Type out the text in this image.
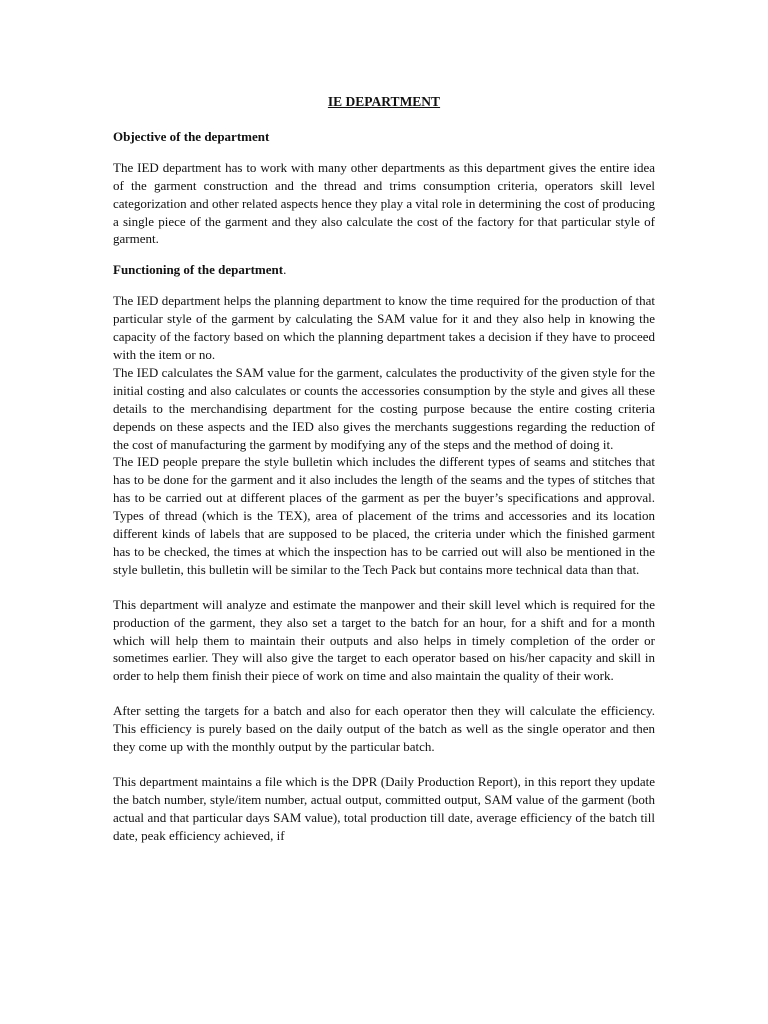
IE DEPARTMENT
Objective of the department

The IED department has to work with many other departments as this department gives the entire idea of the garment construction and the thread and trims consumption criteria, operators skill level categorization and other related aspects hence they play a vital role in determining the cost of producing a single piece of the garment and they also calculate the cost of the factory for that particular style of garment.

Functioning of the department.

The IED department helps the planning department to know the time required for the production of that particular style of the garment by calculating the SAM value for it and they also help in knowing the capacity of the factory based on which the planning department takes a decision if they have to proceed with the item or no.

The IED calculates the SAM value for the garment, calculates the productivity of the given style for the initial costing and also calculates or counts the accessories consumption by the style and gives all these details to the merchandising department for the costing purpose because the entire costing criteria depends on these aspects and the IED also gives the merchants suggestions regarding the reduction of the cost of manufacturing the garment by modifying any of the steps and the method of doing it.

The IED people prepare the style bulletin which includes the different types of seams and stitches that has to be done for the garment and it also includes the length of the seams and the types of stitches that has to be carried out at different places of the garment as per the buyer’s specifications and approval. Types of thread (which is the TEX), area of placement of the trims and accessories and its location different kinds of labels that are supposed to be placed, the criteria under which the finished garment has to be checked, the times at which the inspection has to be carried out will also be mentioned in the style bulletin, this bulletin will be similar to the Tech Pack but contains more technical data than that.

This department will analyze and estimate the manpower and their skill level which is required for the production of the garment, they also set a target to the batch for an hour, for a shift and for a month which will help them to maintain their outputs and also helps in timely completion of the order or sometimes earlier. They will also give the target to each operator based on his/her capacity and skill in order to help them finish their piece of work on time and also maintain the quality of their work.

After setting the targets for a batch and also for each operator then they will calculate the efficiency. This efficiency is purely based on the daily output of the batch as well as the single operator and then they come up with the monthly output by the particular batch.

This department maintains a file which is the DPR (Daily Production Report), in this report they update the batch number, style/item number, actual output, committed output, SAM value of the garment (both actual and that particular days SAM value), total production till date, average efficiency of the batch till date, peak efficiency achieved, if
